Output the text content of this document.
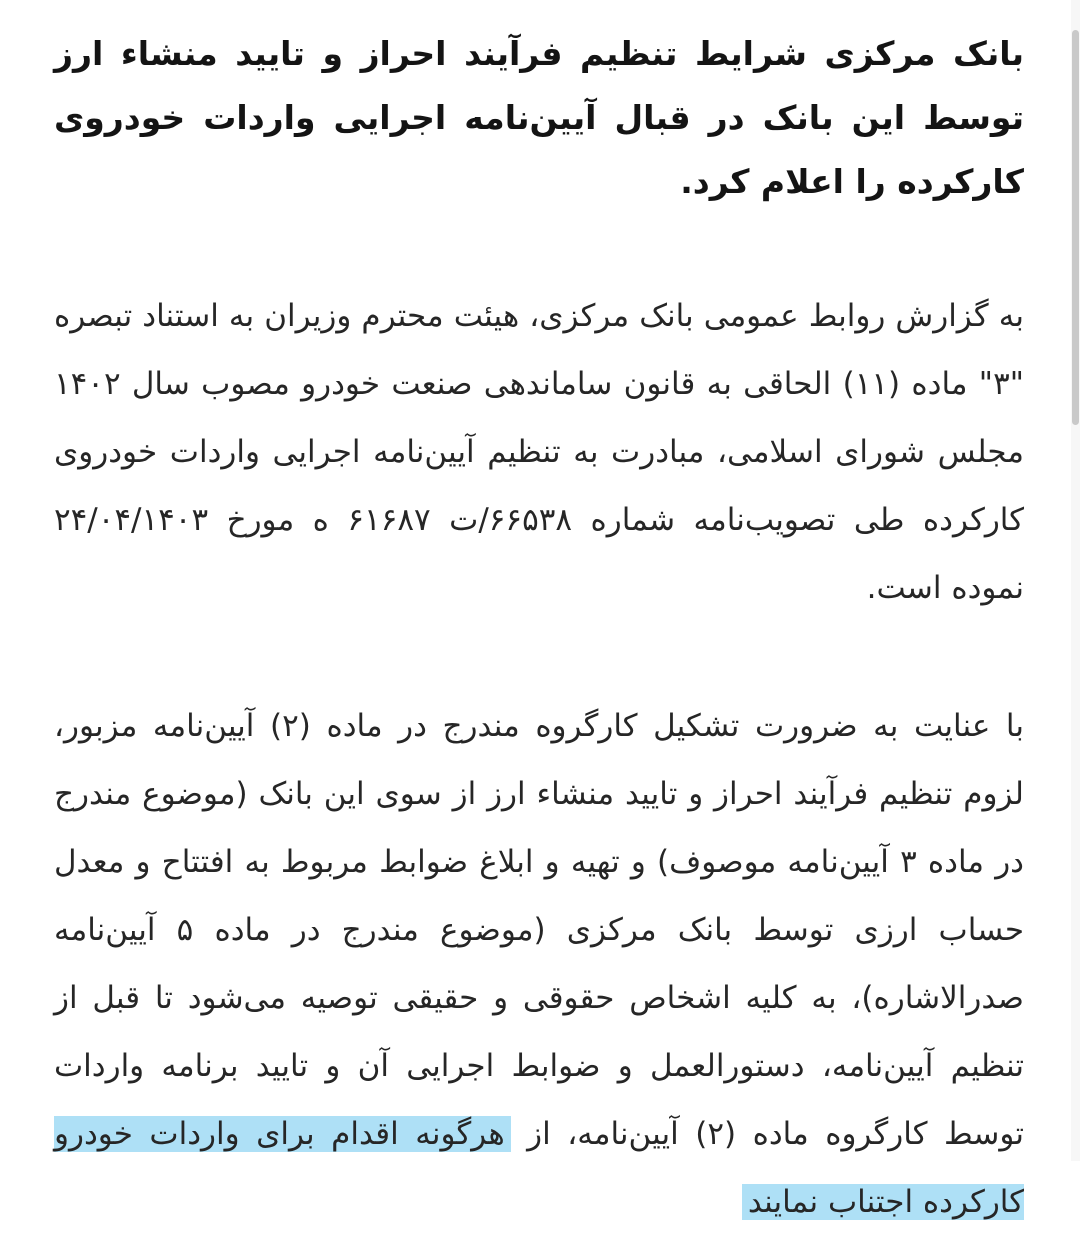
بانک مرکزی شرایط تنظیم فرآیند احراز و تایید منشاء ارز توسط این بانک در قبال آیین‌نامه اجرایی واردات خودروی کارکرده را اعلام کرد.

به گزارش روابط عمومی بانک مرکزی، هیئت محترم وزیران به استناد تبصره "۳" ماده (۱۱) الحاقی به قانون ساماندهی صنعت خودرو مصوب سال ۱۴۰۲ مجلس شورای اسلامی، مبادرت به تنظیم آیین‌نامه اجرایی واردات خودروی کارکرده طی تصویب‌نامه شماره ۶۶۵۳۸/ت ۶۱۶۸۷ ه مورخ ۲۴/۰۴/۱۴۰۳ نموده است.

با عنایت به ضرورت تشکیل کارگروه مندرج در ماده (۲) آیین‌نامه مزبور، لزوم تنظیم فرآیند احراز و تایید منشاء ارز از سوی این بانک (موضوع مندرج در ماده ۳ آیین‌نامه موصوف) و تهیه و ابلاغ ضوابط مربوط به افتتاح و معدل حساب ارزی توسط بانک مرکزی (موضوع مندرج در ماده ۵ آیین‌نامه صدرالاشاره)، به کلیه اشخاص حقوقی و حقیقی توصیه می‌شود تا قبل از تنظیم آیین‌نامه، دستورالعمل و ضوابط اجرایی آن و تایید برنامه واردات توسط کارگروه ماده (۲) آیین‌نامه، از هرگونه اقدام برای واردات خودرو کارکرده اجتناب نمایند
